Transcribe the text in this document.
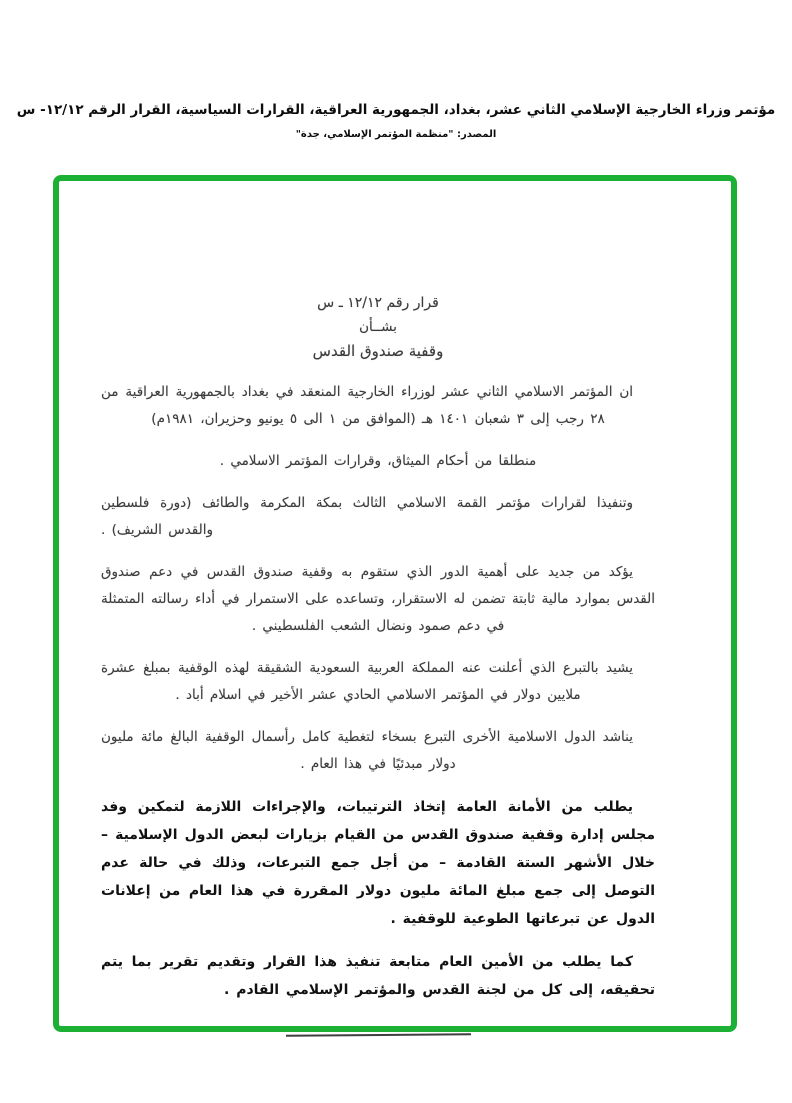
مؤتمر وزراء الخارجية الإسلامي الثاني عشر، بغداد، الجمهورية العراقية، القرارات السياسية، القرار الرقم ١٢/١٢- س
المصدر: "منظمة المؤتمر الإسلامي، جدة"
قرار رقم ١٢/١٢ ـ س
بشــأن
وقفية صندوق القدس

ان المؤتمر الاسلامي الثاني عشر لوزراء الخارجية المنعقد في بغداد بالجمهورية العراقية من ٢٨ رجب إلى ٣ شعبان ١٤٠١ هـ (الموافق من ١ الى ٥ يونيو وحزيران، ١٩٨١م)

منطلقا من أحكام الميثاق، وقرارات المؤتمر الاسلامي .

وتنفيذا لقرارات مؤتمر القمة الاسلامي الثالث بمكة المكرمة والطائف (دورة فلسطين والقدس الشريف) .

يؤكد من جديد على أهمية الدور الذي ستقوم به وقفية صندوق القدس في دعم صندوق القدس بموارد مالية ثابتة تضمن له الاستقرار، وتساعده على الاستمرار في أداء رسالته المتمثلة في دعم صمود ونضال الشعب الفلسطيني .

يشيد بالتبرع الذي أعلنت عنه المملكة العربية السعودية الشقيقة لهذه الوقفية بمبلغ عشرة ملايين دولار في المؤتمر الاسلامي الحادي عشر الأخير في اسلام أباد .

يناشد الدول الاسلامية الأخرى التبرع بسخاء لتغطية كامل رأسمال الوقفية البالغ مائة مليون دولار مبدئيًا في هذا العام .

يطلب من الأمانة العامة إتخاذ الترتيبات، والإجراءات اللازمة لتمكين وفد مجلس إدارة وقفية صندوق القدس من القيام بزيارات لبعض الدول الإسلامية – خلال الأشهر الستة القادمة – من أجل جمع التبرعات، وذلك في حالة عدم التوصل إلى جمع مبلغ المائة مليون دولار المقررة في هذا العام من إعلانات الدول عن تبرعاتها الطوعية للوقفية .

كما يطلب من الأمين العام متابعة تنفيذ هذا القرار وتقديم تقرير بما يتم تحقيقه، إلى كل من لجنة القدس والمؤتمر الإسلامي القادم .
